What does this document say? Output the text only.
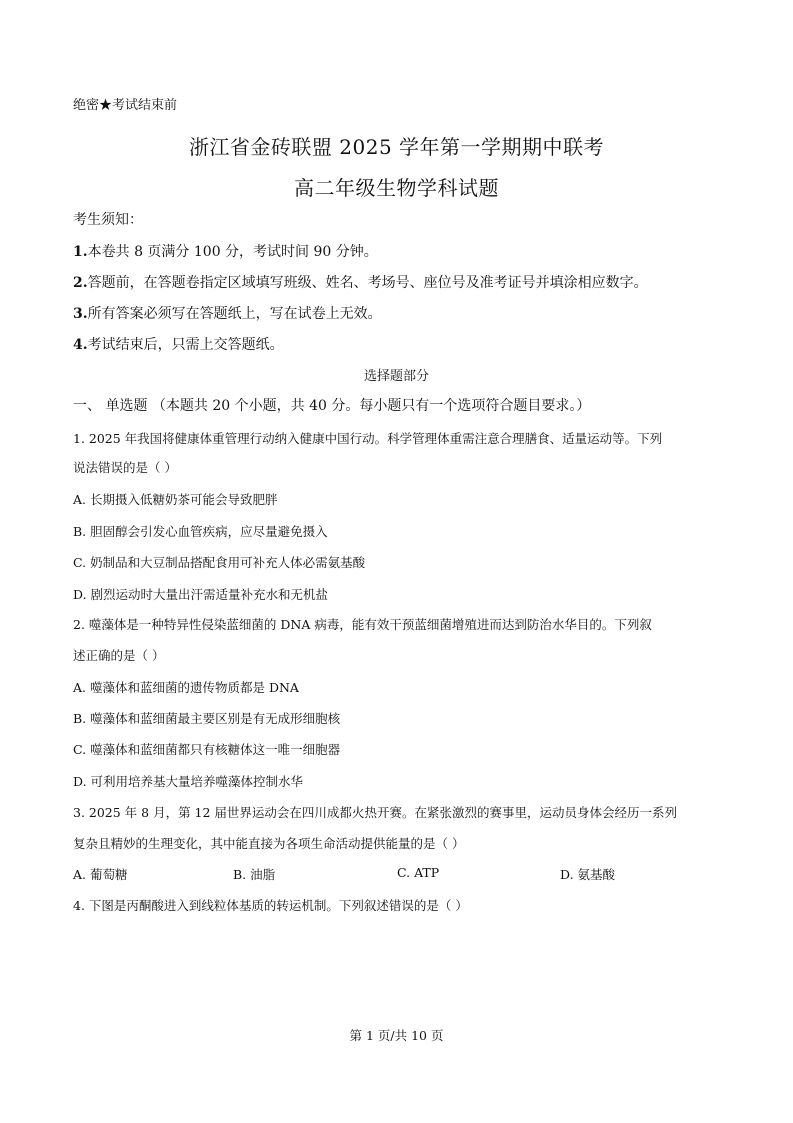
绝密★考试结束前
浙江省金砖联盟 2025 学年第一学期期中联考
高二年级生物学科试题
考生须知：
1.本卷共 8 页满分 100 分，考试时间 90 分钟。
2.答题前，在答题卷指定区域填写班级、姓名、考场号、座位号及准考证号并填涂相应数字。
3.所有答案必须写在答题纸上，写在试卷上无效。
4.考试结束后，只需上交答题纸。
选择题部分
一、 单选题 （本题共 20 个小题，共 40 分。每小题只有一个选项符合题目要求。）
1. 2025 年我国将健康体重管理行动纳入健康中国行动。科学管理体重需注意合理膳食、适量运动等。下列
说法错误的是（ ）
A. 长期摄入低糖奶茶可能会导致肥胖
B. 胆固醇会引发心血管疾病，应尽量避免摄入
C. 奶制品和大豆制品搭配食用可补充人体必需氨基酸
D. 剧烈运动时大量出汗需适量补充水和无机盐
2. 噬藻体是一种特异性侵染蓝细菌的 DNA 病毒，能有效干预蓝细菌增殖进而达到防治水华目的。下列叙
述正确的是（ ）
A. 噬藻体和蓝细菌的遗传物质都是 DNA
B. 噬藻体和蓝细菌最主要区别是有无成形细胞核
C. 噬藻体和蓝细菌都只有核糖体这一唯一细胞器
D. 可利用培养基大量培养噬藻体控制水华
3. 2025 年 8 月，第 12 届世界运动会在四川成都火热开赛。在紧张激烈的赛事里，运动员身体会经历一系列
复杂且精妙的生理变化，其中能直接为各项生命活动提供能量的是（ ）
A. 葡萄糖	B. 油脂	C. ATP	D. 氨基酸
4. 下图是丙酮酸进入到线粒体基质的转运机制。下列叙述错误的是（ ）
第 1 页/共 10 页
